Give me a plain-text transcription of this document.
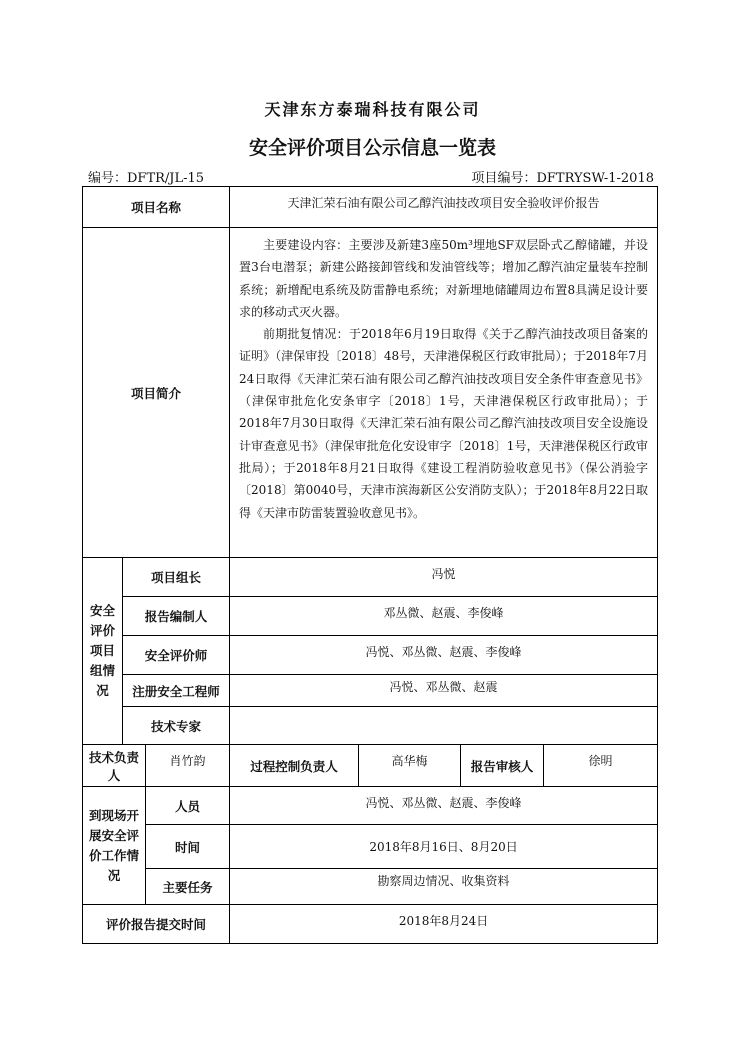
天津东方泰瑞科技有限公司
安全评价项目公示信息一览表
编号：DFTR/JL-15	项目编号：DFTRYSW-1-2018
项目名称			天津汇荣石油有限公司乙醇汽油技改项目安全验收评价报告			
项目简介			主要建设内容：主要涉及新建3座50m³埋地SF双层卧式乙醇储罐，并设置3台电潜泵；新建公路接卸管线和发油管线等；增加乙醇汽油定量装车控制系统；新增配电系统及防雷静电系统；对新埋地储罐周边布置8具满足设计要求的移动式灭火器。

前期批复情况：于2018年6月19日取得《关于乙醇汽油技改项目备案的证明》（津保审投〔2018〕48号，天津港保税区行政审批局）；于2018年7月24日取得《天津汇荣石油有限公司乙醇汽油技改项目安全条件审查意见书》（津保审批危化安条审字〔2018〕1号，天津港保税区行政审批局）；于2018年7月30日取得《天津汇荣石油有限公司乙醇汽油技改项目安全设施设计审查意见书》（津保审批危化安设审字〔2018〕1号，天津港保税区行政审批局）；于2018年8月21日取得《建设工程消防验收意见书》（保公消验字〔2018〕第0040号，天津市滨海新区公安消防支队）；于2018年8月22日取得《天津市防雷装置验收意见书》。			

安全评价项目组情况	项目组长		冯悦			
	报告编制人		邓丛微、赵震、李俊峰			
	安全评价师		冯悦、邓丛微、赵震、李俊峰			
	注册安全工程师		冯悦、邓丛微、赵震			
	技术专家					
技术负责人		肖竹韵	过程控制负责人	高华梅	报告审核人	徐明
到现场开展安全评价工作情况		人员	冯悦、邓丛微、赵震、李俊峰			
		时间	2018年8月16日、8月20日			
		主要任务	勘察周边情况、收集资料			
评价报告提交时间			2018年8月24日			
